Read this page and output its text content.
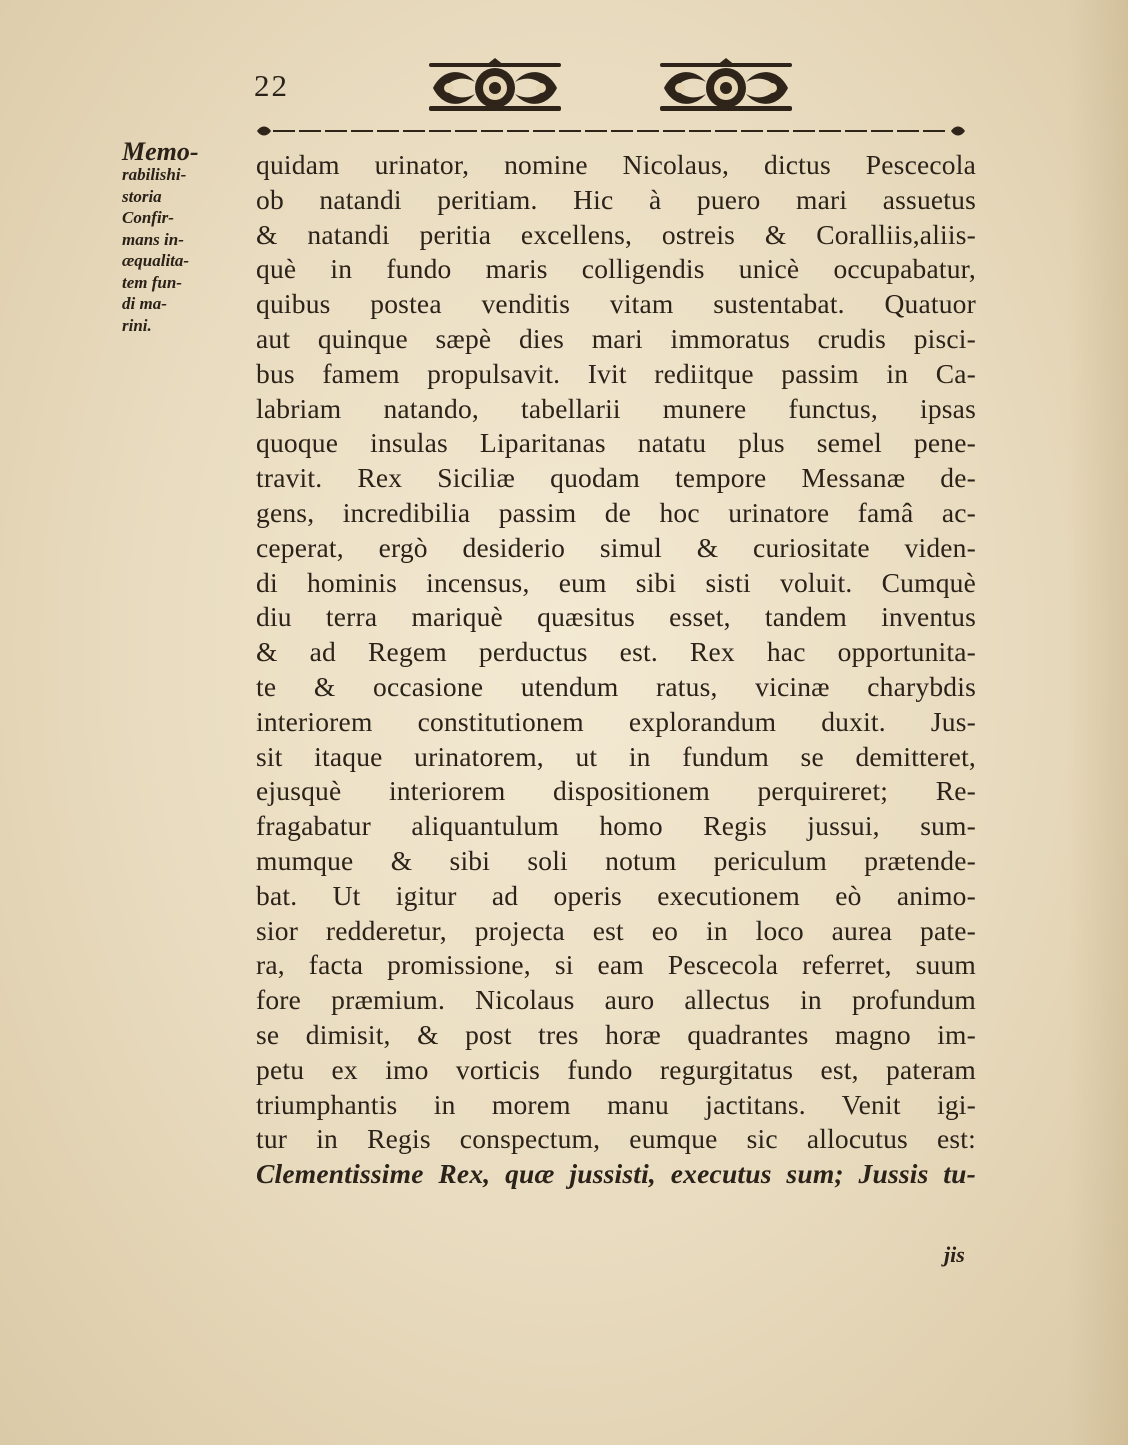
22
Memo-
rabilishi-
storia
Confir-
mans in-
æqualita-
tem fun-
di ma-
rini.
quidam urinator, nomine Nicolaus, dictus Pescecola
ob natandi peritiam. Hic à puero mari assuetus
& natandi peritia excellens, ostreis & Coralliis,aliis-
què in fundo maris colligendis unicè occupabatur,
quibus postea venditis vitam sustentabat. Quatuor
aut quinque sæpè dies mari immoratus crudis pisci-
bus famem propulsavit. Ivit rediitque passim in Ca-
labriam natando, tabellarii munere functus, ipsas
quoque insulas Liparitanas natatu plus semel pene-
travit. Rex Siciliæ quodam tempore Messanæ de-
gens, incredibilia passim de hoc urinatore famâ ac-
ceperat, ergò desiderio simul & curiositate viden-
di hominis incensus, eum sibi sisti voluit. Cumquè
diu terra mariquè quæsitus esset, tandem inventus
& ad Regem perductus est. Rex hac opportunita-
te & occasione utendum ratus, vicinæ charybdis
interiorem constitutionem explorandum duxit. Jus-
sit itaque urinatorem, ut in fundum se demitteret,
ejusquè interiorem dispositionem perquireret; Re-
fragabatur aliquantulum homo Regis jussui, sum-
mumque & sibi soli notum periculum prætende-
bat. Ut igitur ad operis executionem eò animo-
sior redderetur, projecta est eo in loco aurea pate-
ra, facta promissione, si eam Pescecola referret, suum
fore præmium. Nicolaus auro allectus in profundum
se dimisit, & post tres horæ quadrantes magno im-
petu ex imo vorticis fundo regurgitatus est, pateram
triumphantis in morem manu jactitans. Venit igi-
tur in Regis conspectum, eumque sic allocutus est:
Clementissime Rex, quæ jussisti, executus sum; Jussis tu-
jis
